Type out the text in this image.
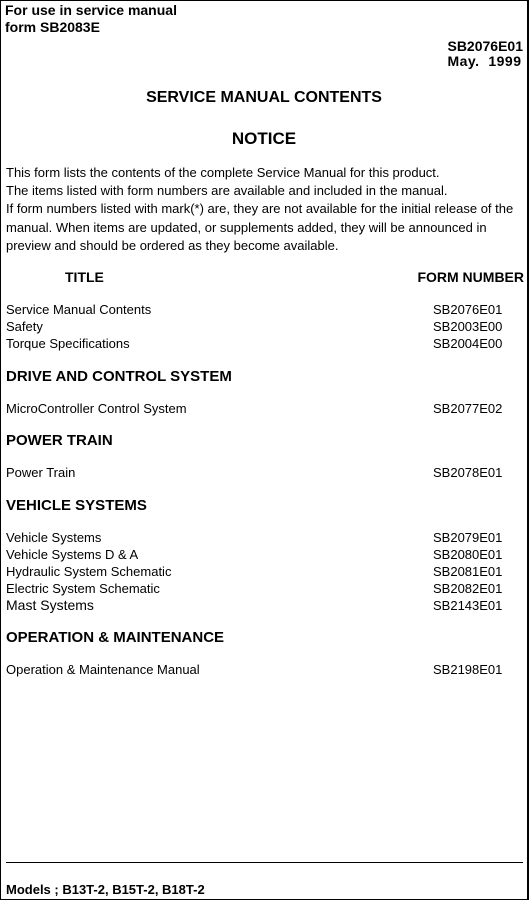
For use in service manual
form SB2083E
SB2076E01
May.  1999
SERVICE MANUAL CONTENTS
NOTICE
This form lists the contents of the complete Service Manual for this product.
The items listed with form numbers are available and included in the manual.
If form numbers listed with mark(*) are, they are not available for the initial release of the
manual. When items are updated, or supplements added, they will be announced in
preview and should be ordered as they become available.
TITLE	FORM NUMBER
Service Manual Contents	SB2076E01
Safety	SB2003E00
Torque Specifications	SB2004E00
DRIVE AND CONTROL SYSTEM
MicroController Control System	SB2077E02
POWER TRAIN
Power Train	SB2078E01
VEHICLE SYSTEMS
Vehicle Systems	SB2079E01
Vehicle Systems D & A	SB2080E01
Hydraulic System Schematic	SB2081E01
Electric System Schematic	SB2082E01
Mast Systems	SB2143E01
OPERATION & MAINTENANCE
Operation & Maintenance Manual	SB2198E01
Models ; B13T-2, B15T-2, B18T-2
